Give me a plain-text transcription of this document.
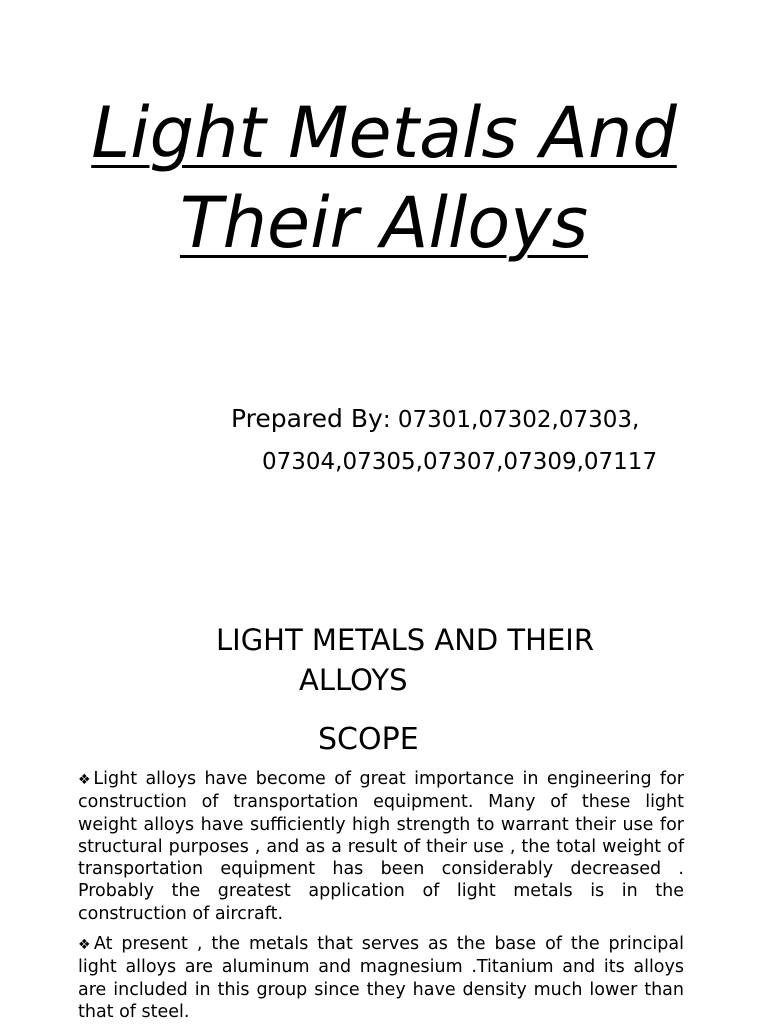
Light Metals And
Their Alloys
Prepared By: 07301,07302,07303,
07304,07305,07307,07309,07117
LIGHT METALS AND THEIR
ALLOYS
SCOPE
❖Light alloys have become of great importance in engineering for construction of transportation equipment. Many of these light weight alloys have sufficiently high strength to warrant their use for structural purposes , and as a result of their use , the total weight of transportation equipment has been considerably decreased . Probably the greatest application of light metals is in the construction of aircraft.
❖At present , the metals that serves as the base of the principal light alloys are aluminum and magnesium .Titanium and its alloys are included in this group since they have density much lower than that of steel.
